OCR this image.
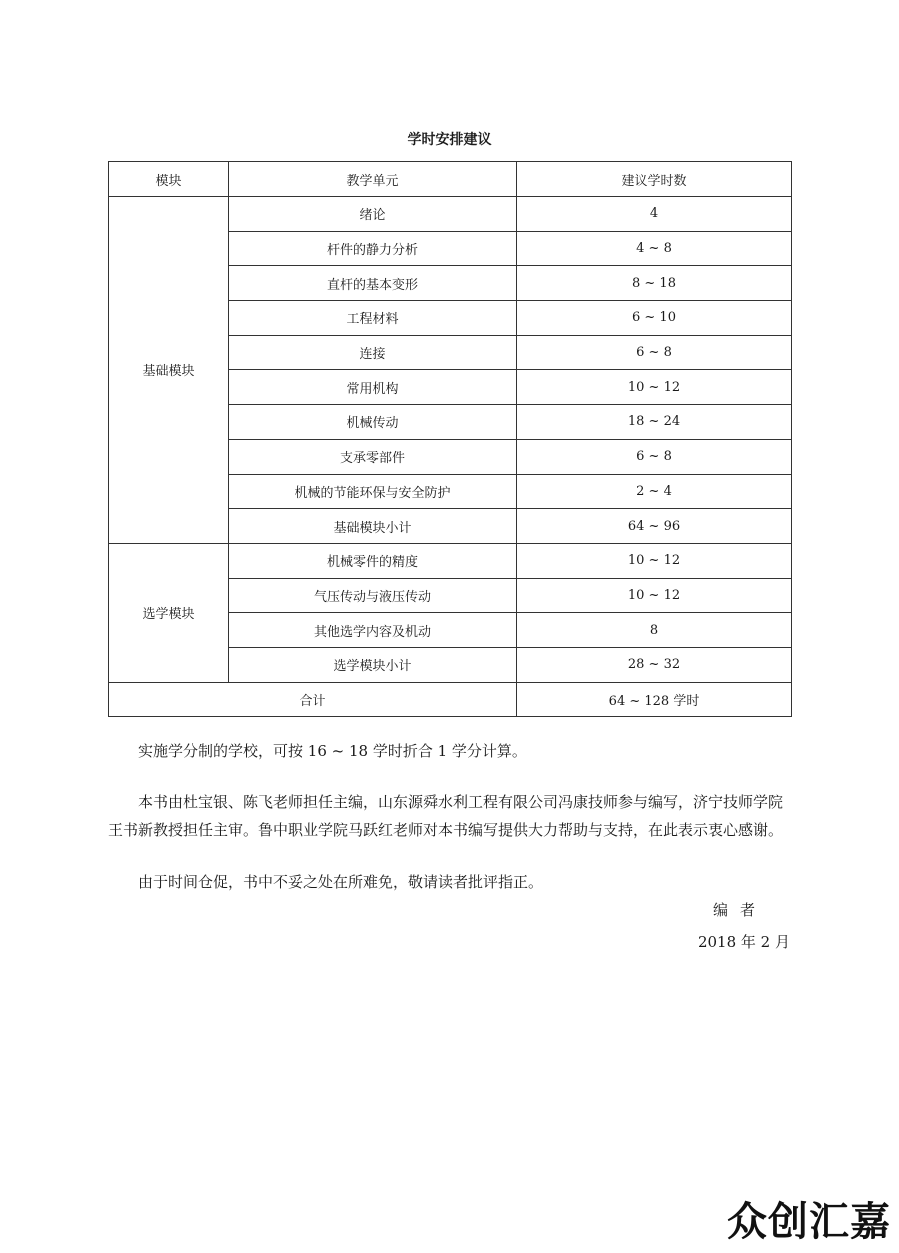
学时安排建议
模块	教学单元	建议学时数
基础模块	绪论	4
	杆件的静力分析	4 ~ 8
	直杆的基本变形	8 ~ 18
	工程材料	6 ~ 10
	连接	6 ~ 8
	常用机构	10 ~ 12
	机械传动	18 ~ 24
	支承零部件	6 ~ 8
	机械的节能环保与安全防护	2 ~ 4
	基础模块小计	64 ~ 96
选学模块	机械零件的精度	10 ~ 12
	气压传动与液压传动	10 ~ 12
	其他选学内容及机动	8
	选学模块小计	28 ~ 32
合计		64 ~ 128 学时

实施学分制的学校，可按 16 ~ 18 学时折合 1 学分计算。

本书由杜宝银、陈飞老师担任主编，山东源舜水利工程有限公司冯康技师参与编写，济宁技师学院王书新教授担任主审。鲁中职业学院马跃红老师对本书编写提供大力帮助与支持，在此表示衷心感谢。

由于时间仓促，书中不妥之处在所难免，敬请读者批评指正。

编者
2018 年 2 月
众创汇嘉
